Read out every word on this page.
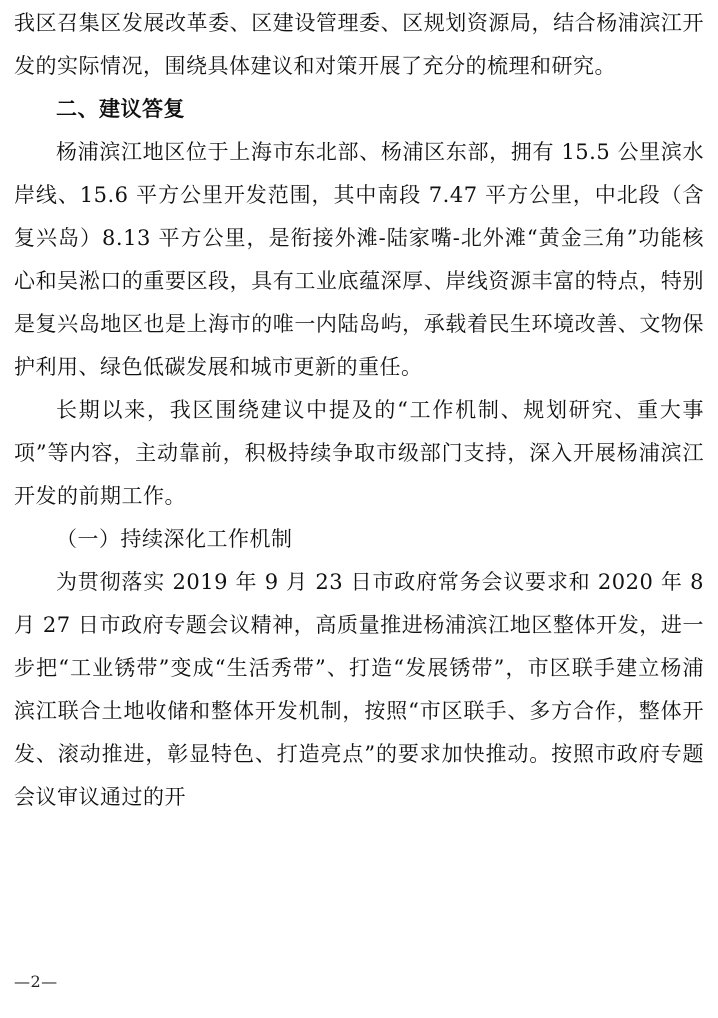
我区召集区发展改革委、区建设管理委、区规划资源局，结合杨浦滨江开发的实际情况，围绕具体建议和对策开展了充分的梳理和研究。

二、建议答复

杨浦滨江地区位于上海市东北部、杨浦区东部，拥有 15.5 公里滨水岸线、15.6 平方公里开发范围，其中南段 7.47 平方公里，中北段（含复兴岛）8.13 平方公里，是衔接外滩-陆家嘴-北外滩“黄金三角”功能核心和吴淞口的重要区段，具有工业底蕴深厚、岸线资源丰富的特点，特别是复兴岛地区也是上海市的唯一内陆岛屿，承载着民生环境改善、文物保护利用、绿色低碳发展和城市更新的重任。

长期以来，我区围绕建议中提及的“工作机制、规划研究、重大事项”等内容，主动靠前，积极持续争取市级部门支持，深入开展杨浦滨江开发的前期工作。

（一）持续深化工作机制

为贯彻落实 2019 年 9 月 23 日市政府常务会议要求和 2020 年 8 月 27 日市政府专题会议精神，高质量推进杨浦滨江地区整体开发，进一步把“工业锈带”变成“生活秀带”、打造“发展锈带”，市区联手建立杨浦滨江联合土地收储和整体开发机制，按照“市区联手、多方合作，整体开发、滚动推进，彰显特色、打造亮点”的要求加快推动。按照市政府专题会议审议通过的开

—2—
